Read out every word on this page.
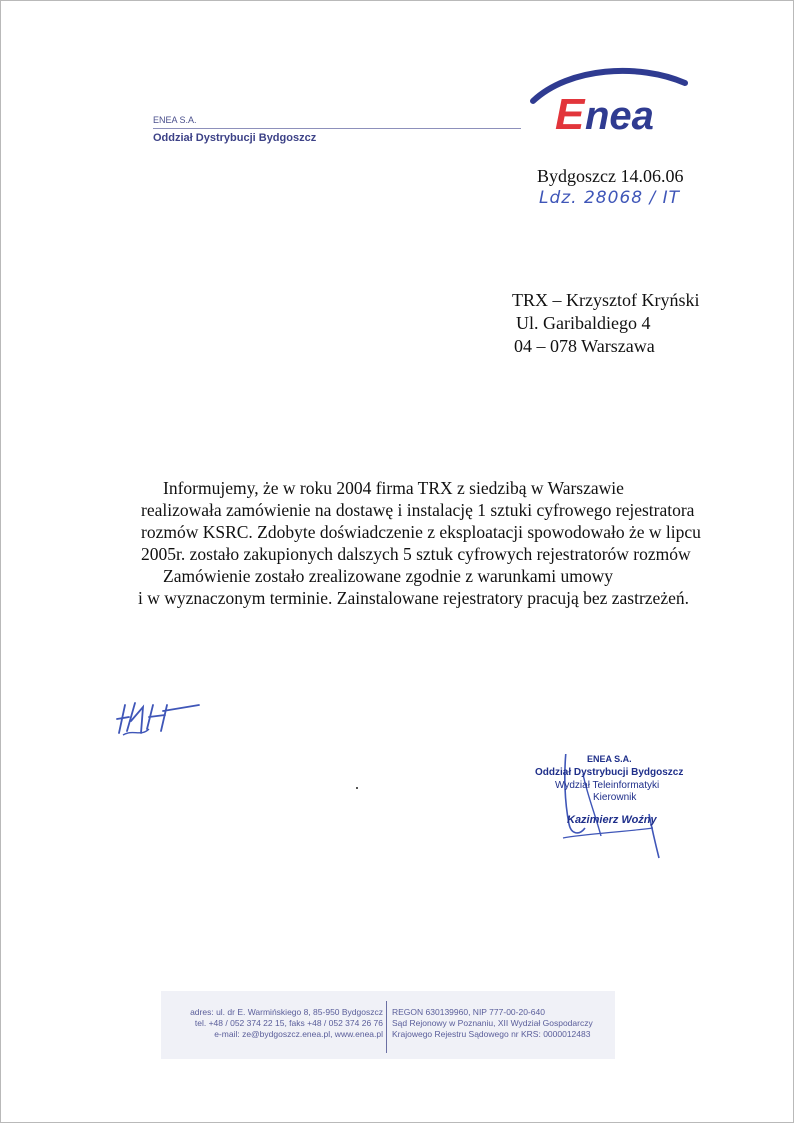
ENEA S.A.
Oddział Dystrybucji Bydgoszcz	E nea
Bydgoszcz 14.06.06
Ldz. 28068 / IT
TRX – Krzysztof Kryński
Ul. Garibaldiego 4
04 – 078 Warszawa
Informujemy, że w roku 2004 firma TRX z siedzibą w Warszawie
realizowała zamówienie na dostawę i instalację 1 sztuki cyfrowego rejestratora
rozmów KSRC. Zdobyte doświadczenie z eksploatacji spowodowało że w lipcu
2005r. zostało zakupionych dalszych 5 sztuk cyfrowych rejestratorów rozmów
Zamówienie zostało zrealizowane zgodnie z warunkami umowy
i w wyznaczonym terminie. Zainstalowane rejestratory pracują bez zastrzeżeń.
ENEA S.A.
Oddział Dystrybucji Bydgoszcz
Wydział Teleinformatyki
Kierownik
Kazimierz Woźny
adres: ul. dr E. Warmińskiego 8, 85-950 Bydgoszcz
tel. +48 / 052 374 22 15, faks +48 / 052 374 26 76
e-mail: ze@bydgoszcz.enea.pl, www.enea.pl
REGON 630139960, NIP 777-00-20-640
Sąd Rejonowy w Poznaniu, XII Wydział Gospodarczy
Krajowego Rejestru Sądowego nr KRS: 0000012483
